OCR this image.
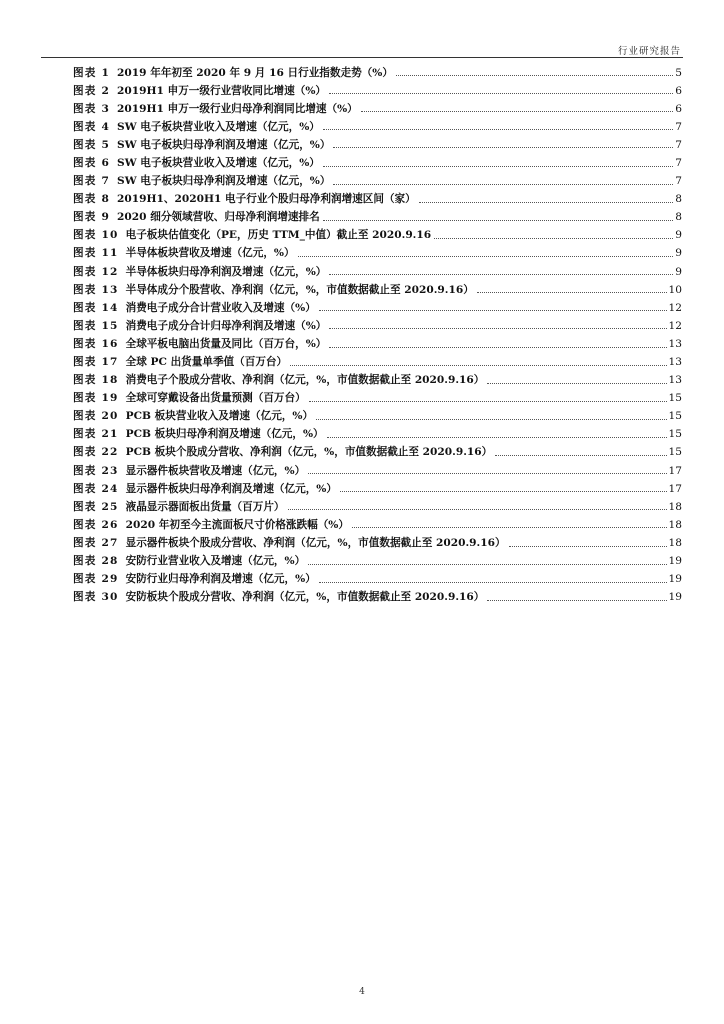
行业研究报告
图表 1 2019 年年初至 2020 年 9 月 16 日行业指数走势（%）	5
图表 2 2019H1 申万一级行业营收同比增速（%）	6
图表 3 2019H1 申万一级行业归母净利润同比增速（%）	6
图表 4 SW 电子板块营业收入及增速（亿元，%）	7
图表 5 SW 电子板块归母净利润及增速（亿元，%）	7
图表 6 SW 电子板块营业收入及增速（亿元，%）	7
图表 7 SW 电子板块归母净利润及增速（亿元，%）	7
图表 8 2019H1、2020H1 电子行业个股归母净利润增速区间（家）	8
图表 9 2020 细分领域营收、归母净利润增速排名	8
图表 10 电子板块估值变化（PE，历史 TTM_中值）截止至 2020.9.16	9
图表 11 半导体板块营收及增速（亿元，%）	9
图表 12 半导体板块归母净利润及增速（亿元，%）	9
图表 13 半导体成分个股营收、净利润（亿元，%，市值数据截止至 2020.9.16）	10
图表 14 消费电子成分合计营业收入及增速（%）	12
图表 15 消费电子成分合计归母净利润及增速（%）	12
图表 16 全球平板电脑出货量及同比（百万台，%）	13
图表 17 全球 PC 出货量单季值（百万台）	13
图表 18 消费电子个股成分营收、净利润（亿元，%，市值数据截止至 2020.9.16）	13
图表 19 全球可穿戴设备出货量预测（百万台）	15
图表 20 PCB 板块营业收入及增速（亿元，%）	15
图表 21 PCB 板块归母净利润及增速（亿元，%）	15
图表 22 PCB 板块个股成分营收、净利润（亿元，%，市值数据截止至 2020.9.16）	15
图表 23 显示器件板块营收及增速（亿元，%）	17
图表 24 显示器件板块归母净利润及增速（亿元，%）	17
图表 25 液晶显示器面板出货量（百万片）	18
图表 26 2020 年初至今主流面板尺寸价格涨跌幅（%）	18
图表 27 显示器件板块个股成分营收、净利润（亿元，%，市值数据截止至 2020.9.16）	18
图表 28 安防行业营业收入及增速（亿元，%）	19
图表 29 安防行业归母净利润及增速（亿元，%）	19
图表 30 安防板块个股成分营收、净利润（亿元，%，市值数据截止至 2020.9.16）	19
4
